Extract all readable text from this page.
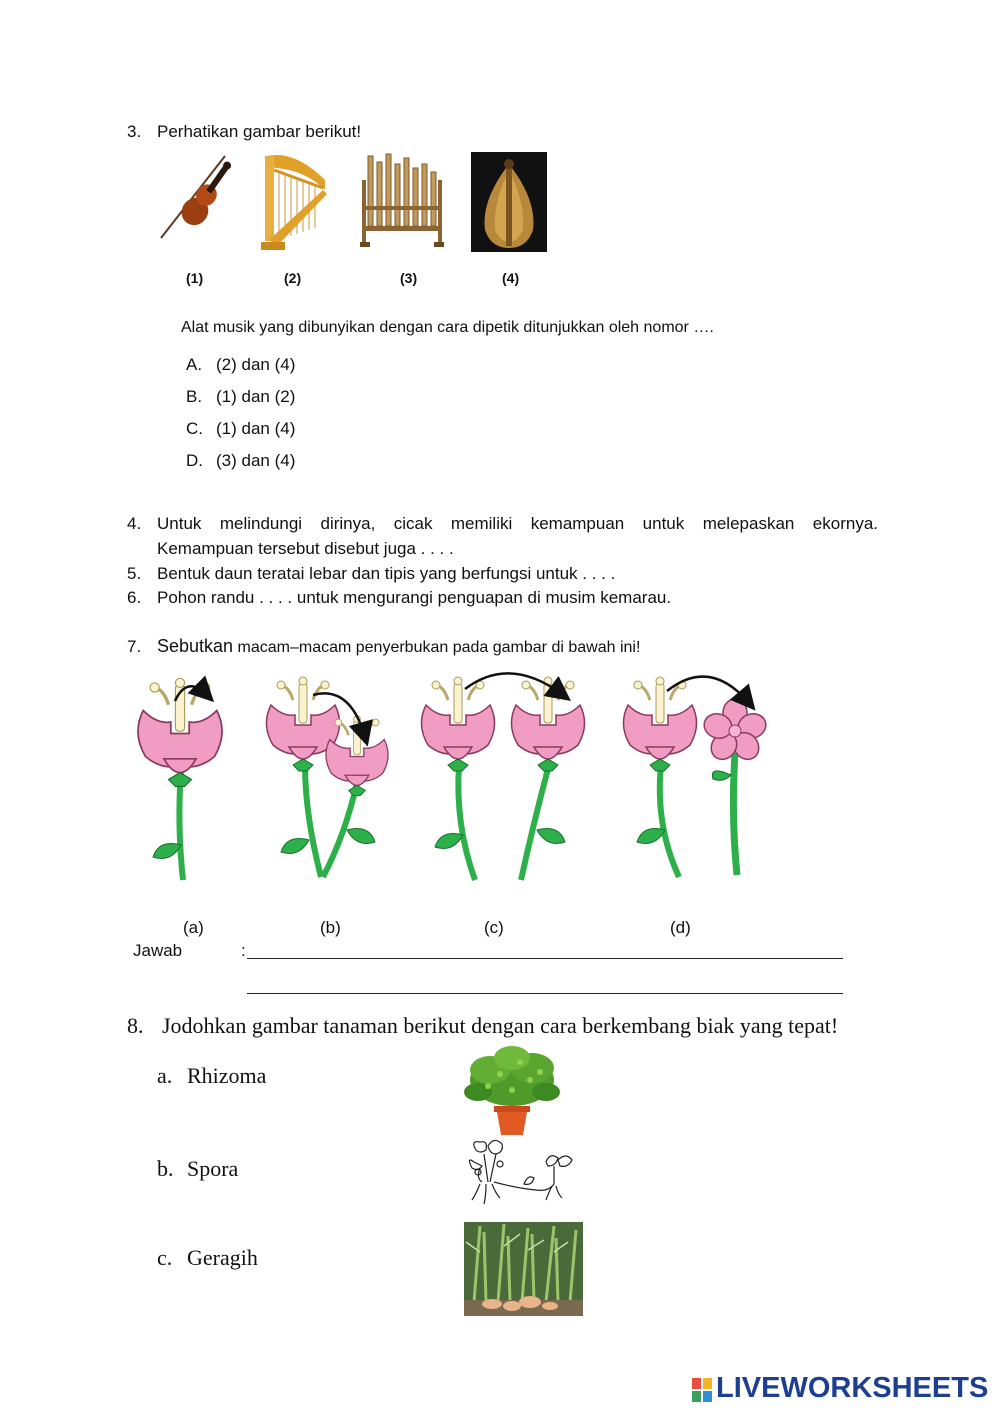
3. Perhatikan gambar berikut!
(1)	(2)	(3)	(4)
Alat musik yang dibunyikan dengan cara dipetik ditunjukkan oleh nomor ….
A. (2) dan (4)
B. (1) dan (2)
C. (1) dan (4)
D. (3) dan (4)
4. Untuk melindungi dirinya, cicak memiliki kemampuan untuk melepaskan ekornya.
Kemampuan tersebut disebut juga . . . .
5. Bentuk daun teratai lebar dan tipis yang berfungsi untuk . . . .
6. Pohon randu . . . . untuk mengurangi penguapan di musim kemarau.
7. Sebutkan macam–macam penyerbukan pada gambar di bawah ini!
(a)	(b)	(c)	(d)
Jawab	:
8. Jodohkan gambar tanaman berikut dengan cara berkembang biak yang tepat!
a. Rhizoma
b. Spora
c. Geragih
LIVEWORKSHEETS
